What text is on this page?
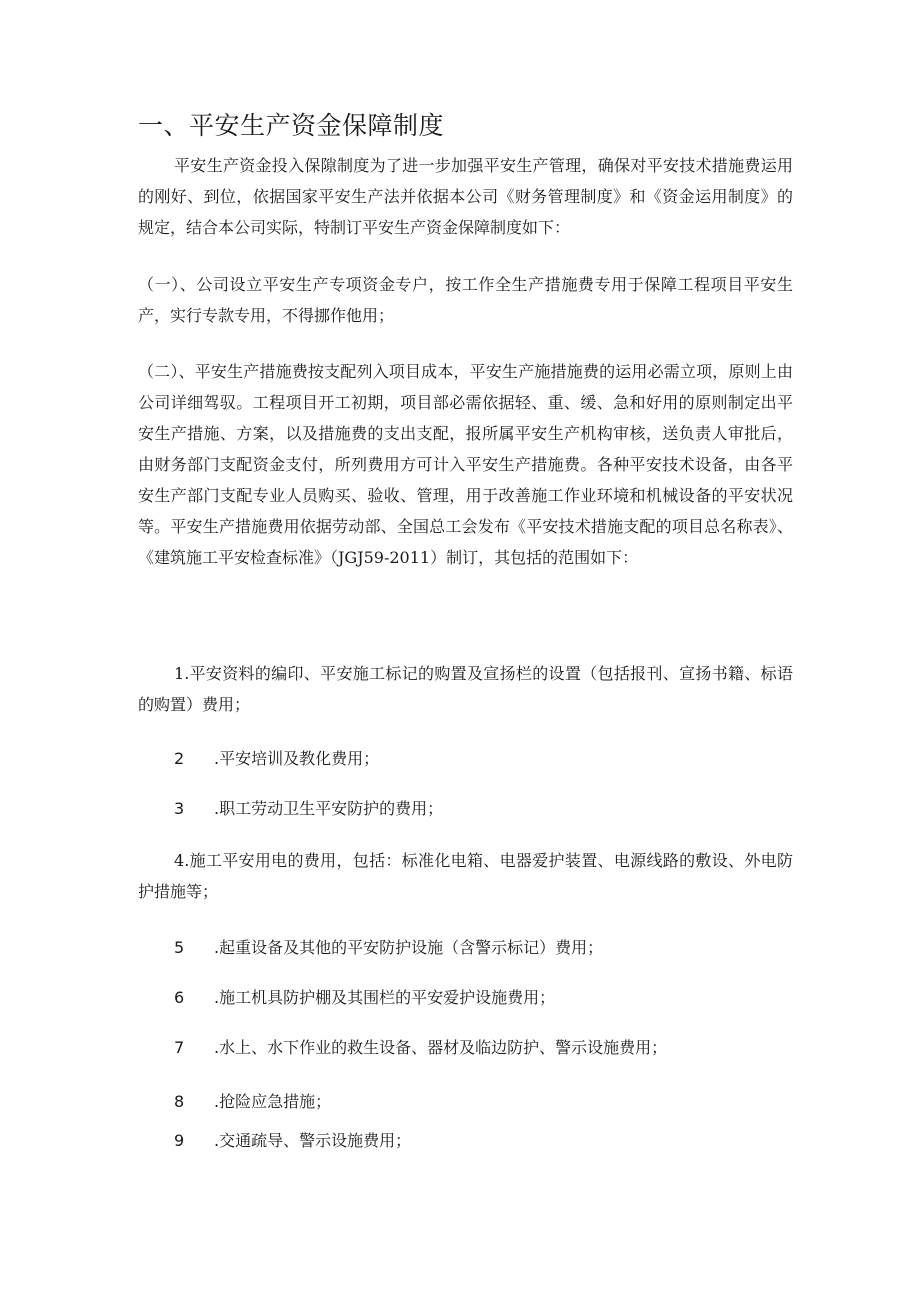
一、平安生产资金保障制度
平安生产资金投入保隙制度为了进一步加强平安生产管理，确保对平安技术措施费运用的刚好、到位，依据国家平安生产法并依据本公司《财务管理制度》和《资金运用制度》的规定，结合本公司实际，特制订平安生产资金保障制度如下：
（一）、公司设立平安生产专项资金专户，按工作全生产措施费专用于保障工程项目平安生产，实行专款专用，不得挪作他用；
（二）、平安生产措施费按支配列入项目成本，平安生产施措施费的运用必需立项，原则上由公司详细驾驭。工程项目开工初期，项目部必需依据轻、重、缓、急和好用的原则制定出平安生产措施、方案，以及措施费的支出支配，报所属平安生产机构审核，送负责人审批后，由财务部门支配资金支付，所列费用方可计入平安生产措施费。各种平安技术设备，由各平安生产部门支配专业人员购买、验收、管理，用于改善施工作业环境和机械设备的平安状况等。平安生产措施费用依据劳动部、全国总工会发布《平安技术措施支配的项目总名称表》、《建筑施工平安检查标准》（JGJ59-2011）制订，其包括的范围如下：
1.平安资料的编印、平安施工标记的购置及宣扬栏的设置（包括报刊、宣扬书籍、标语的购置）费用；
2 .平安培训及教化费用；
3 .职工劳动卫生平安防护的费用；
4.施工平安用电的费用，包括：标准化电箱、电器爱护装置、电源线路的敷设、外电防护措施等；
5 .起重设备及其他的平安防护设施（含警示标记）费用；
6 .施工机具防护棚及其围栏的平安爱护设施费用；
7 .水上、水下作业的救生设备、器材及临边防护、警示设施费用；
8 .抢险应急措施；
9 .交通疏导、警示设施费用；
